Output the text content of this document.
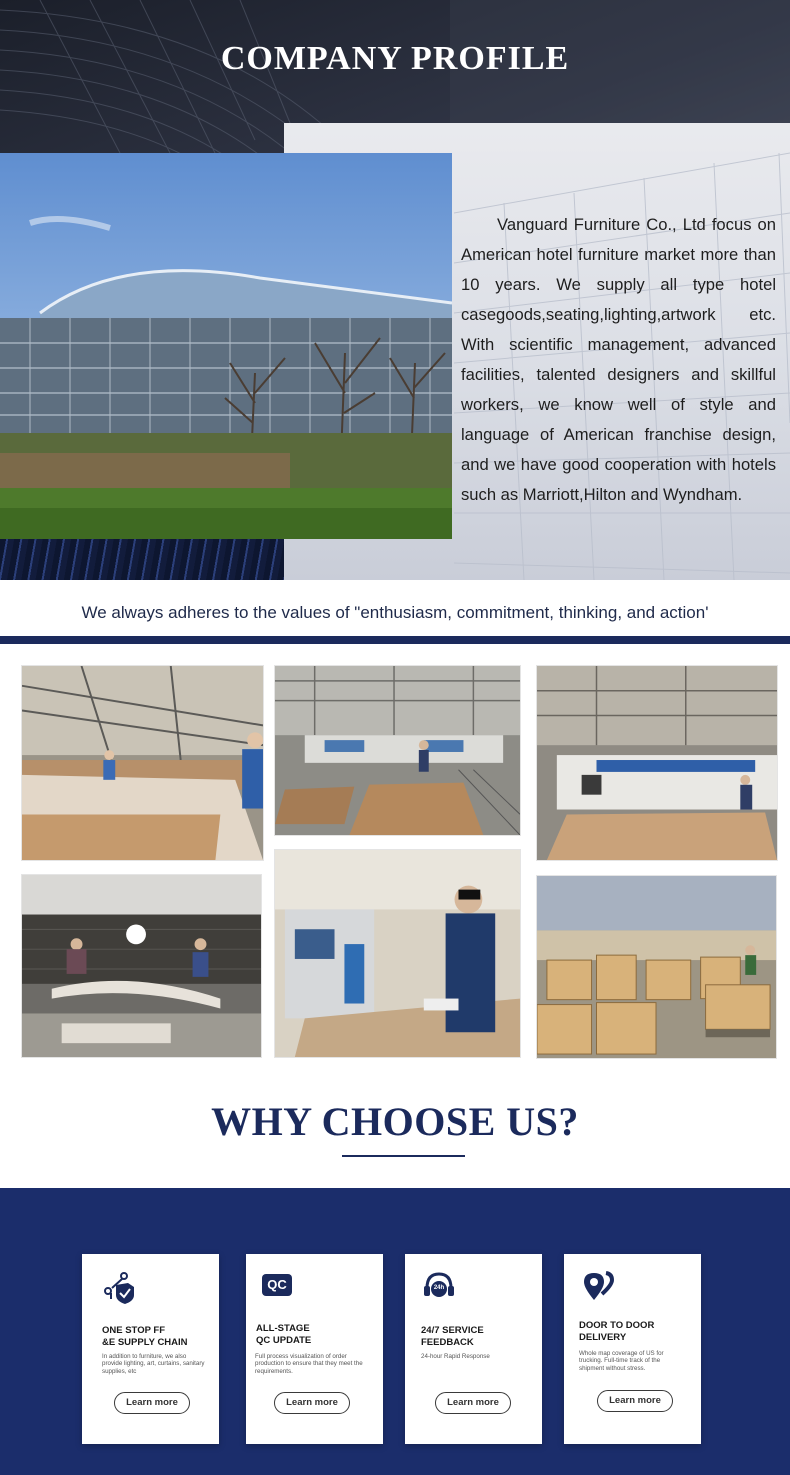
COMPANY PROFILE

Vanguard Furniture Co., Ltd focus on American hotel furniture market more than 10 years. We supply all type hotel casegoods,seating,lighting,artwork etc. With scientific management, advanced facilities, talented designers and skillful workers, we know well of style and language of American franchise design, and we have good cooperation with hotels such as Marriott,Hilton and Wyndham.

We always adheres to the values of "enthusiasm, commitment, thinking, and action'

WHY CHOOSE US?
ONE STOP FF
&E SUPPLY CHAIN
In addition to furniture, we also provide lighting, art, curtains, sanitary supplies, etc
Learn more
QC
ALL-STAGE
QC UPDATE
Full process visualization of order production to ensure that they meet the requirements.
Learn more
24h
24/7 SERVICE
FEEDBACK
24-hour Rapid Response
Learn more
DOOR TO DOOR
DELIVERY
Whole map coverage of US for trucking. Full-time track of the shipment without stress.
Learn more
